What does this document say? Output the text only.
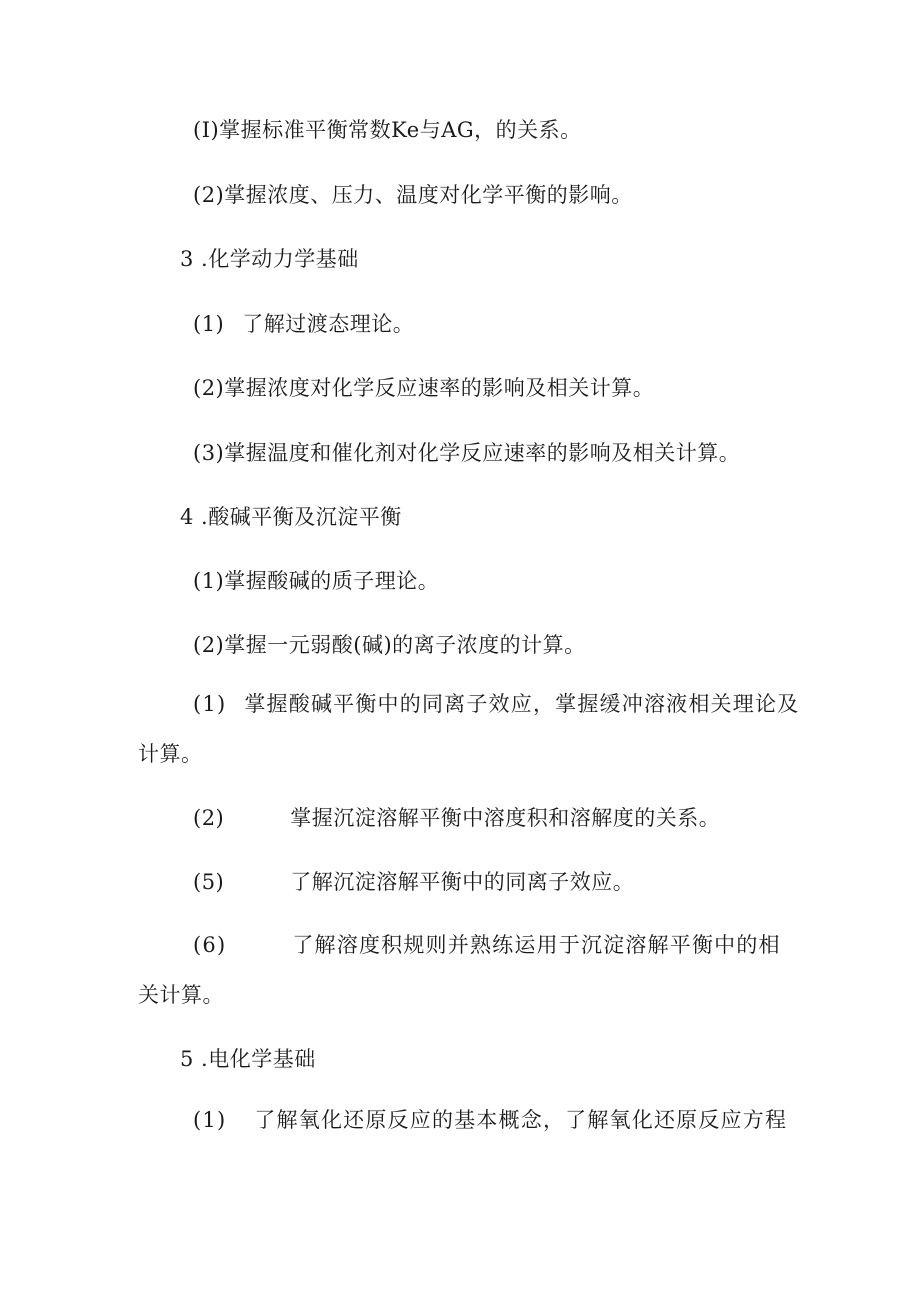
(I)掌握标准平衡常数Ke与AG，的关系。
(2)掌握浓度、压力、温度对化学平衡的影响。
3 .化学动力学基础
(1) 了解过渡态理论。
(2)掌握浓度对化学反应速率的影响及相关计算。
(3)掌握温度和催化剂对化学反应速率的影响及相关计算。
4 .酸碱平衡及沉淀平衡
(1)掌握酸碱的质子理论。
(2)掌握一元弱酸(碱)的离子浓度的计算。
(1) 掌握酸碱平衡中的同离子效应，掌握缓冲溶液相关理论及
计算。
(2)	掌握沉淀溶解平衡中溶度积和溶解度的关系。
(5)	了解沉淀溶解平衡中的同离子效应。
(6)	了解溶度积规则并熟练运用于沉淀溶解平衡中的相
关计算。
5 .电化学基础
(1) 了解氧化还原反应的基本概念，了解氧化还原反应方程
